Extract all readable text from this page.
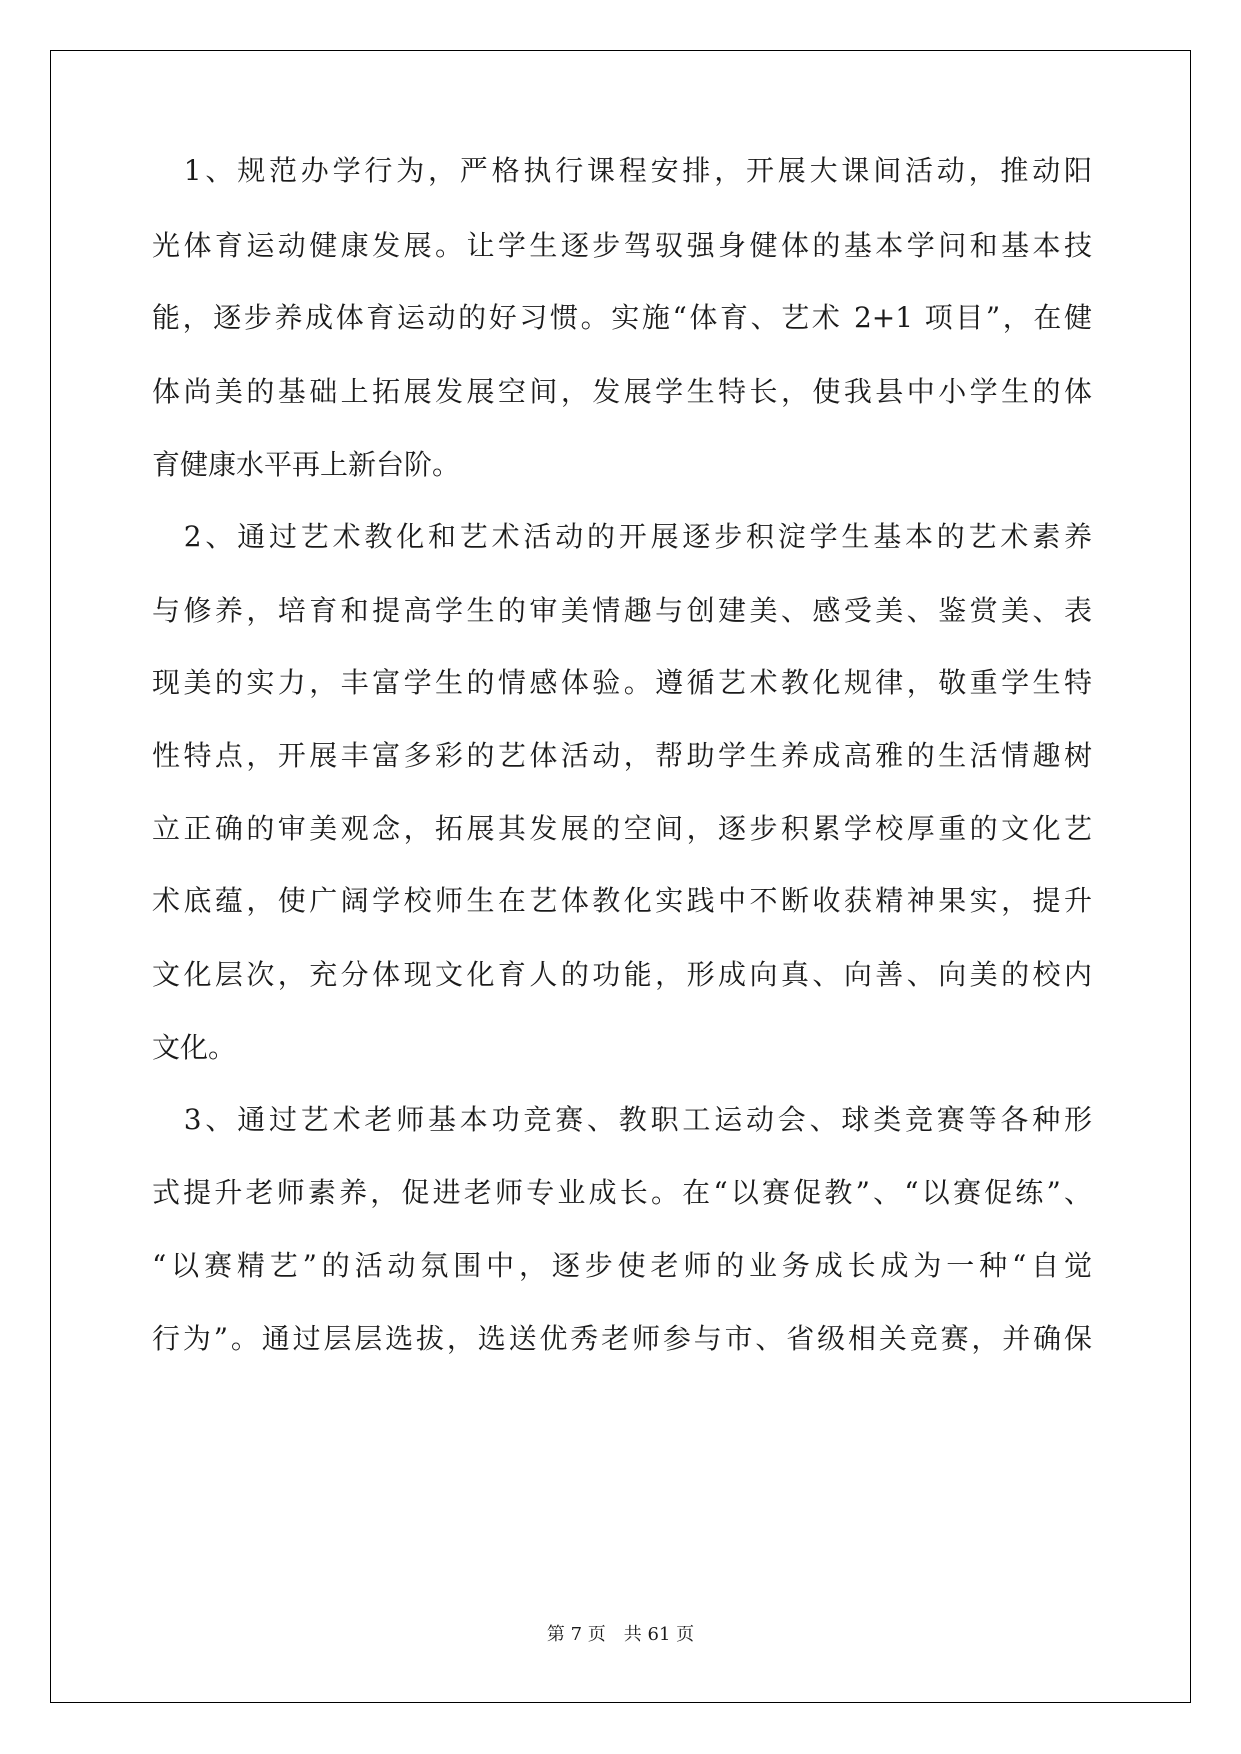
　1、规范办学行为，严格执行课程安排，开展大课间活动，推动阳
光体育运动健康发展。让学生逐步驾驭强身健体的基本学问和基本技
能，逐步养成体育运动的好习惯。实施“体育、艺术 2+1 项目”，在健
体尚美的基础上拓展发展空间，发展学生特长，使我县中小学生的体
育健康水平再上新台阶。
　2、通过艺术教化和艺术活动的开展逐步积淀学生基本的艺术素养
与修养，培育和提高学生的审美情趣与创建美、感受美、鉴赏美、表
现美的实力，丰富学生的情感体验。遵循艺术教化规律，敬重学生特
性特点，开展丰富多彩的艺体活动，帮助学生养成高雅的生活情趣树
立正确的审美观念，拓展其发展的空间，逐步积累学校厚重的文化艺
术底蕴，使广阔学校师生在艺体教化实践中不断收获精神果实，提升
文化层次，充分体现文化育人的功能，形成向真、向善、向美的校内
文化。
　3、通过艺术老师基本功竞赛、教职工运动会、球类竞赛等各种形
式提升老师素养，促进老师专业成长。在“以赛促教”、“以赛促练”、
“以赛精艺”的活动氛围中，逐步使老师的业务成长成为一种“自觉
行为”。通过层层选拔，选送优秀老师参与市、省级相关竞赛，并确保
第 7 页　共 61 页
